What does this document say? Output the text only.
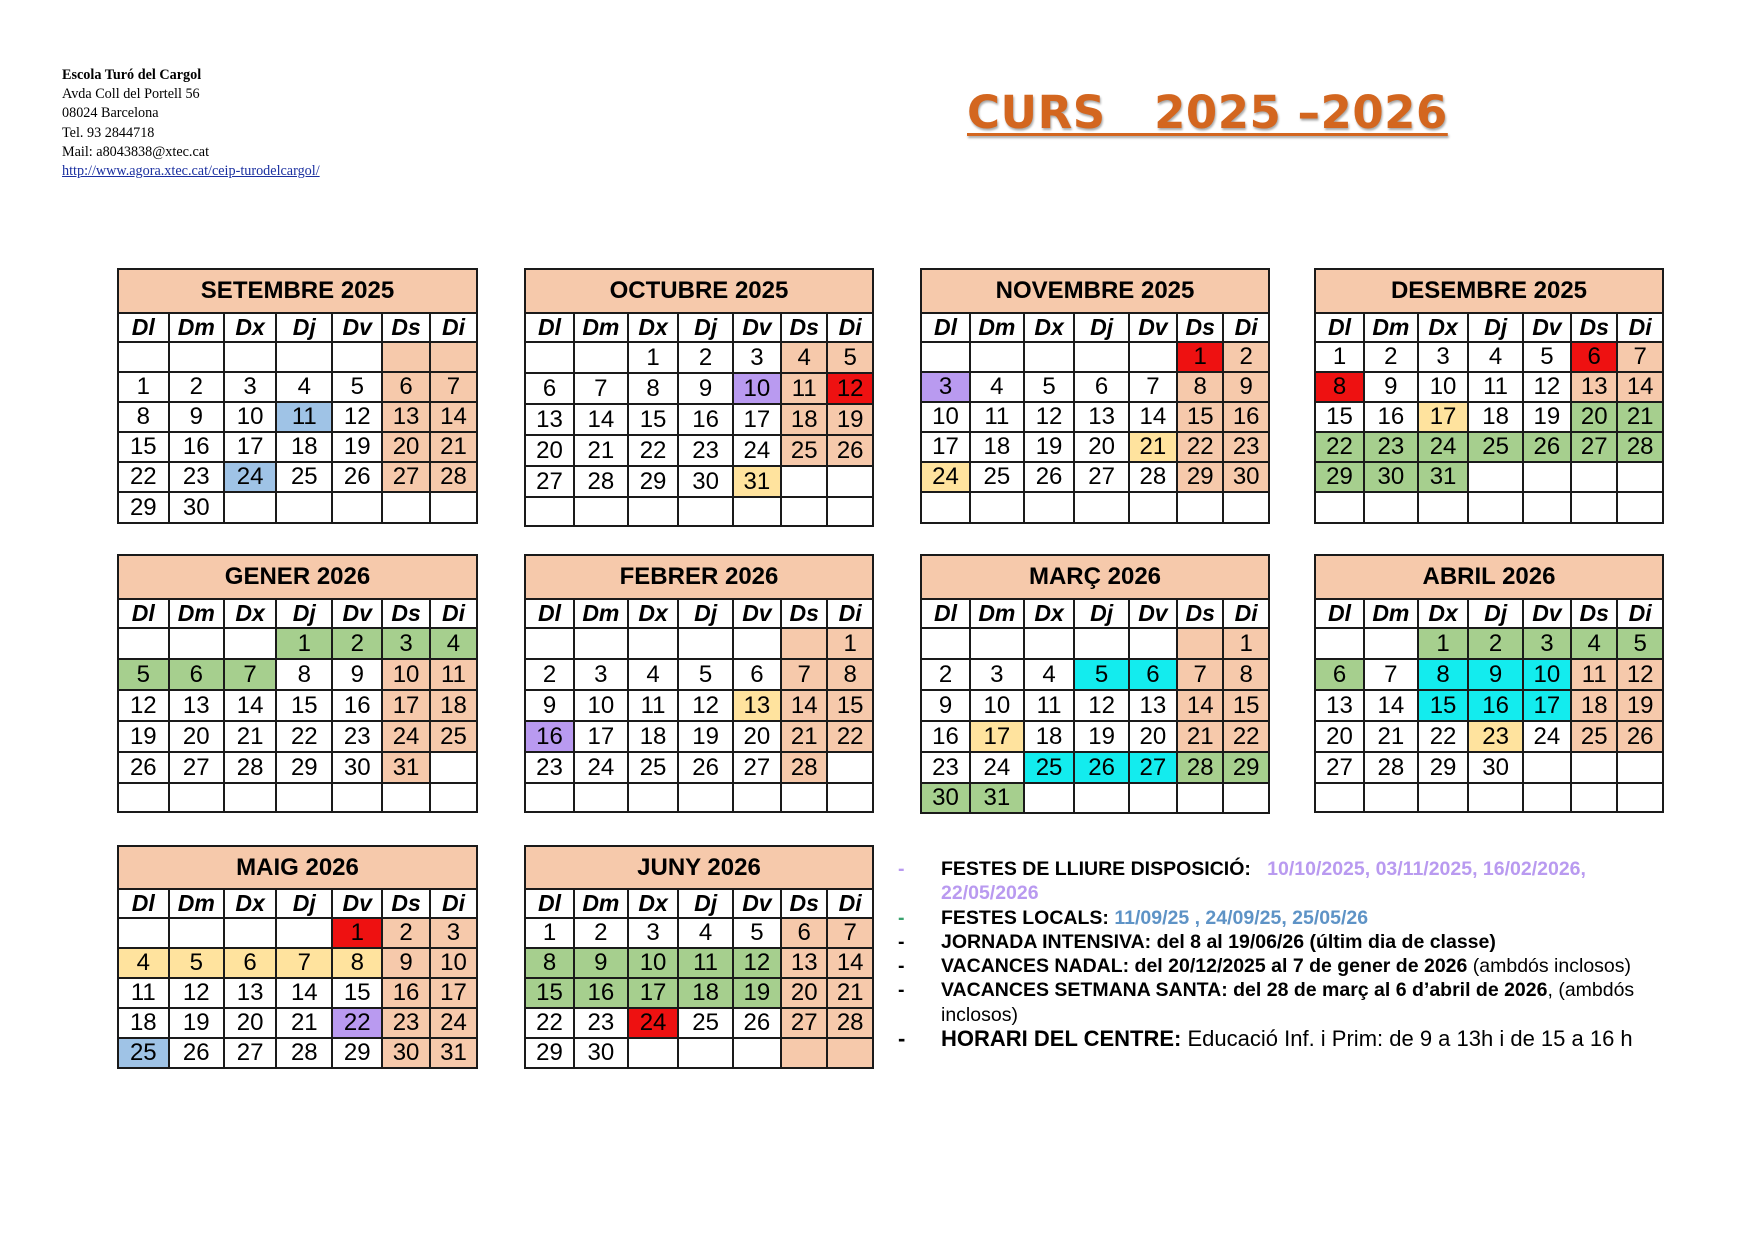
Escola Turó del Cargol
Avda Coll del Portell 56
08024 Barcelona
Tel. 93 2844718
Mail: a8043838@xtec.cat
http://www.agora.xtec.cat/ceip-turodelcargol/
CURS   2025 –2026
SETEMBRE 2025						
Dl	Dm	Dx	Dj	Dv	Ds	Di

1	2	3	4	5	6	7
8	9	10	11	12	13	14
15	16	17	18	19	20	21
22	23	24	25	26	27	28
29	30					
OCTUBRE 2025						
Dl	Dm	Dx	Dj	Dv	Ds	Di
		1	2	3	4	5
6	7	8	9	10	11	12
13	14	15	16	17	18	19
20	21	22	23	24	25	26
27	28	29	30	31		

NOVEMBRE 2025						
Dl	Dm	Dx	Dj	Dv	Ds	Di
					1	2
3	4	5	6	7	8	9
10	11	12	13	14	15	16
17	18	19	20	21	22	23
24	25	26	27	28	29	30

DESEMBRE 2025						
Dl	Dm	Dx	Dj	Dv	Ds	Di
1	2	3	4	5	6	7
8	9	10	11	12	13	14
15	16	17	18	19	20	21
22	23	24	25	26	27	28
29	30	31				

GENER 2026						
Dl	Dm	Dx	Dj	Dv	Ds	Di
			1	2	3	4
5	6	7	8	9	10	11
12	13	14	15	16	17	18
19	20	21	22	23	24	25
26	27	28	29	30	31	

FEBRER 2026						
Dl	Dm	Dx	Dj	Dv	Ds	Di
						1
2	3	4	5	6	7	8
9	10	11	12	13	14	15
16	17	18	19	20	21	22
23	24	25	26	27	28	

MARÇ 2026						
Dl	Dm	Dx	Dj	Dv	Ds	Di
						1
2	3	4	5	6	7	8
9	10	11	12	13	14	15
16	17	18	19	20	21	22
23	24	25	26	27	28	29
30	31					
ABRIL 2026						
Dl	Dm	Dx	Dj	Dv	Ds	Di
		1	2	3	4	5
6	7	8	9	10	11	12
13	14	15	16	17	18	19
20	21	22	23	24	25	26
27	28	29	30			

MAIG 2026						
Dl	Dm	Dx	Dj	Dv	Ds	Di
				1	2	3
4	5	6	7	8	9	10
11	12	13	14	15	16	17
18	19	20	21	22	23	24
25	26	27	28	29	30	31
JUNY 2026						
Dl	Dm	Dx	Dj	Dv	Ds	Di
1	2	3	4	5	6	7
8	9	10	11	12	13	14
15	16	17	18	19	20	21
22	23	24	25	26	27	28
29	30					
- FESTES DE LLIURE DISPOSICIÓ: 10/10/2025, 03/11/2025, 16/02/2026, 22/05/2026
- FESTES LOCALS: 11/09/25 , 24/09/25, 25/05/26
- JORNADA INTENSIVA: del 8 al 19/06/26 (últim dia de classe)
- VACANCES NADAL: del 20/12/2025 al 7 de gener de 2026 (ambdós inclosos)
- VACANCES SETMANA SANTA: del 28 de març al 6 d’abril de 2026, (ambdós inclosos)
- HORARI DEL CENTRE: Educació Inf. i Prim: de 9 a 13h i de 15 a 16 h
